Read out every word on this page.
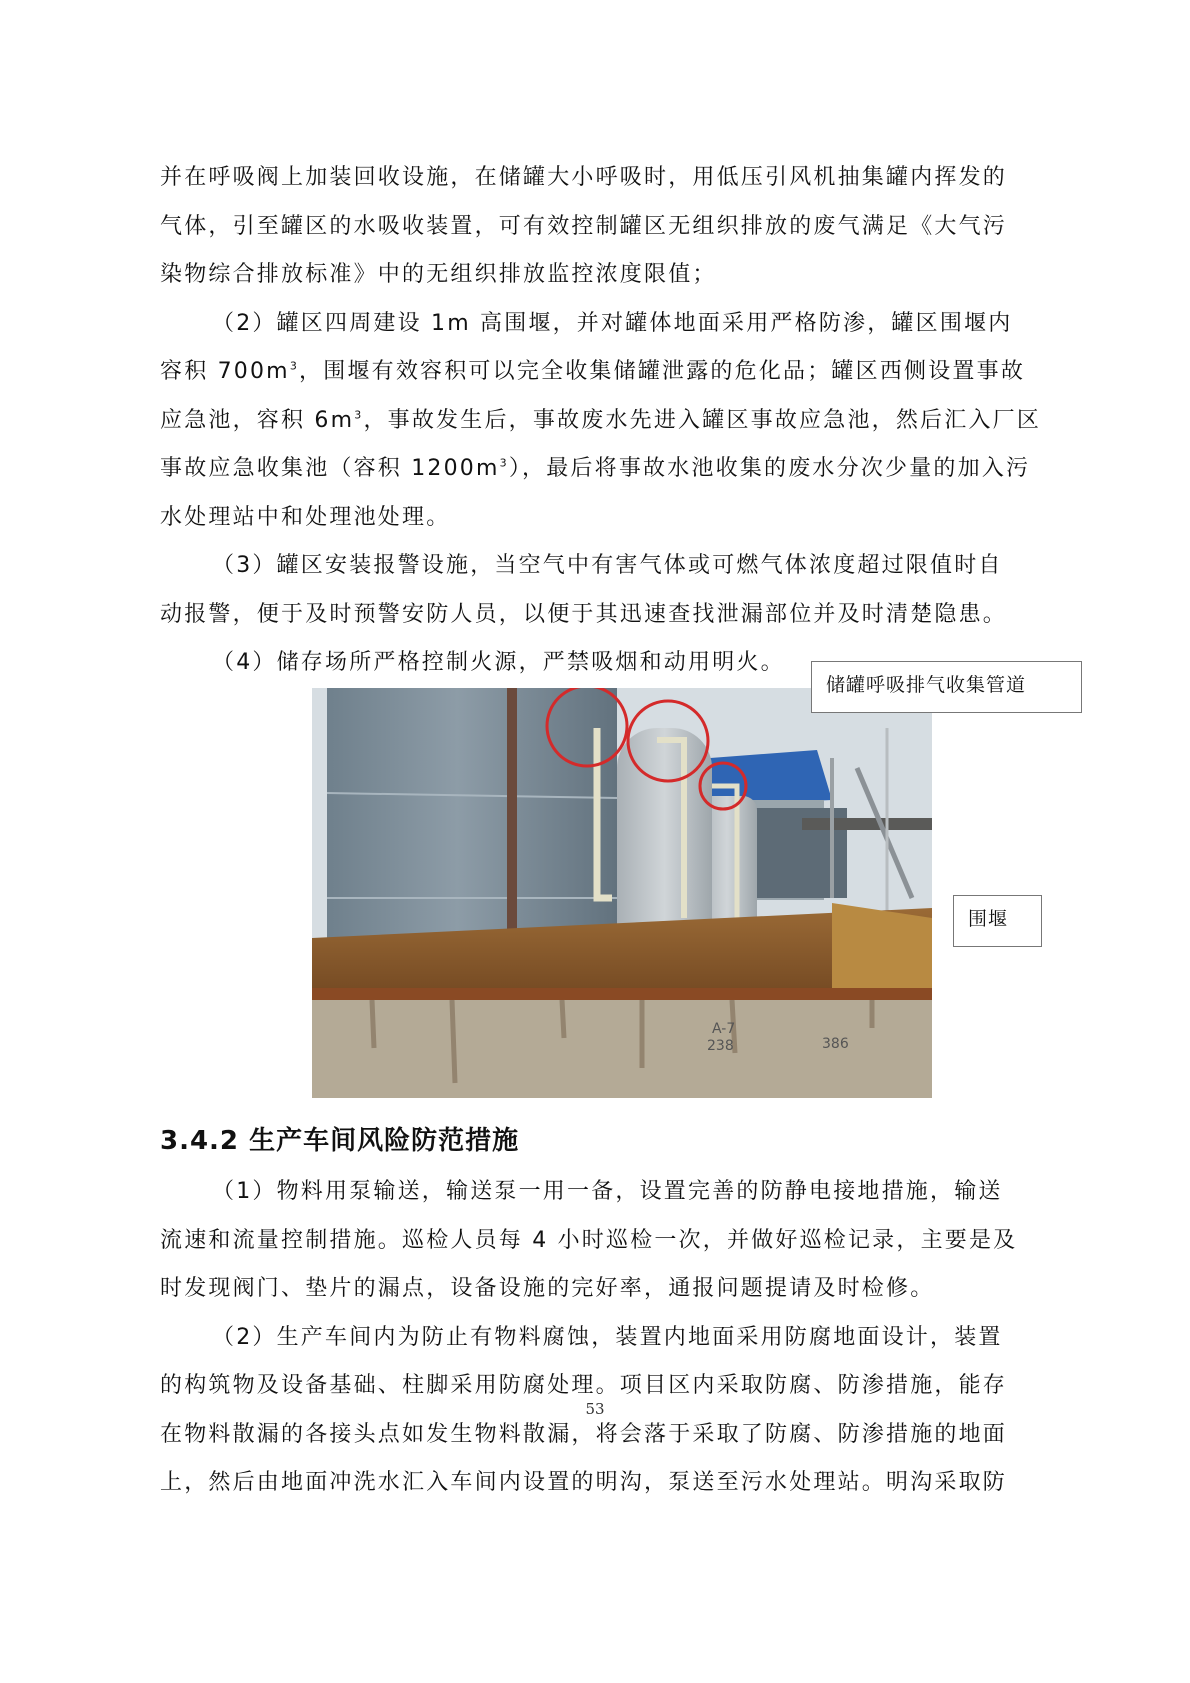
并在呼吸阀上加装回收设施，在储罐大小呼吸时，用低压引风机抽集罐内挥发的
气体，引至罐区的水吸收装置，可有效控制罐区无组织排放的废气满足《大气污
染物综合排放标准》中的无组织排放监控浓度限值；
（2）罐区四周建设 1m 高围堰，并对罐体地面采用严格防渗，罐区围堰内
容积 $700m^3$，围堰有效容积可以完全收集储罐泄露的危化品；罐区西侧设置事故
应急池，容积 $6m^3$，事故发生后，事故废水先进入罐区事故应急池，然后汇入厂区
事故应急收集池（容积 $1200m^3$），最后将事故水池收集的废水分次少量的加入污
水处理站中和处理池处理。
（3）罐区安装报警设施，当空气中有害气体或可燃气体浓度超过限值时自
动报警，便于及时预警安防人员，以便于其迅速查找泄漏部位并及时清楚隐患。
（4）储存场所严格控制火源，严禁吸烟和动用明火。
A-7
238	386
储罐呼吸排气收集管道
围堰
3.4.2 生产车间风险防范措施
（1）物料用泵输送，输送泵一用一备，设置完善的防静电接地措施，输送
流速和流量控制措施。巡检人员每 4 小时巡检一次，并做好巡检记录，主要是及
时发现阀门、垫片的漏点，设备设施的完好率，通报问题提请及时检修。
（2）生产车间内为防止有物料腐蚀，装置内地面采用防腐地面设计，装置
的构筑物及设备基础、柱脚采用防腐处理。项目区内采取防腐、防渗措施，能存
在物料散漏的各接头点如发生物料散漏，将会落于采取了防腐、防渗措施的地面
上，然后由地面冲洗水汇入车间内设置的明沟，泵送至污水处理站。明沟采取防
53
